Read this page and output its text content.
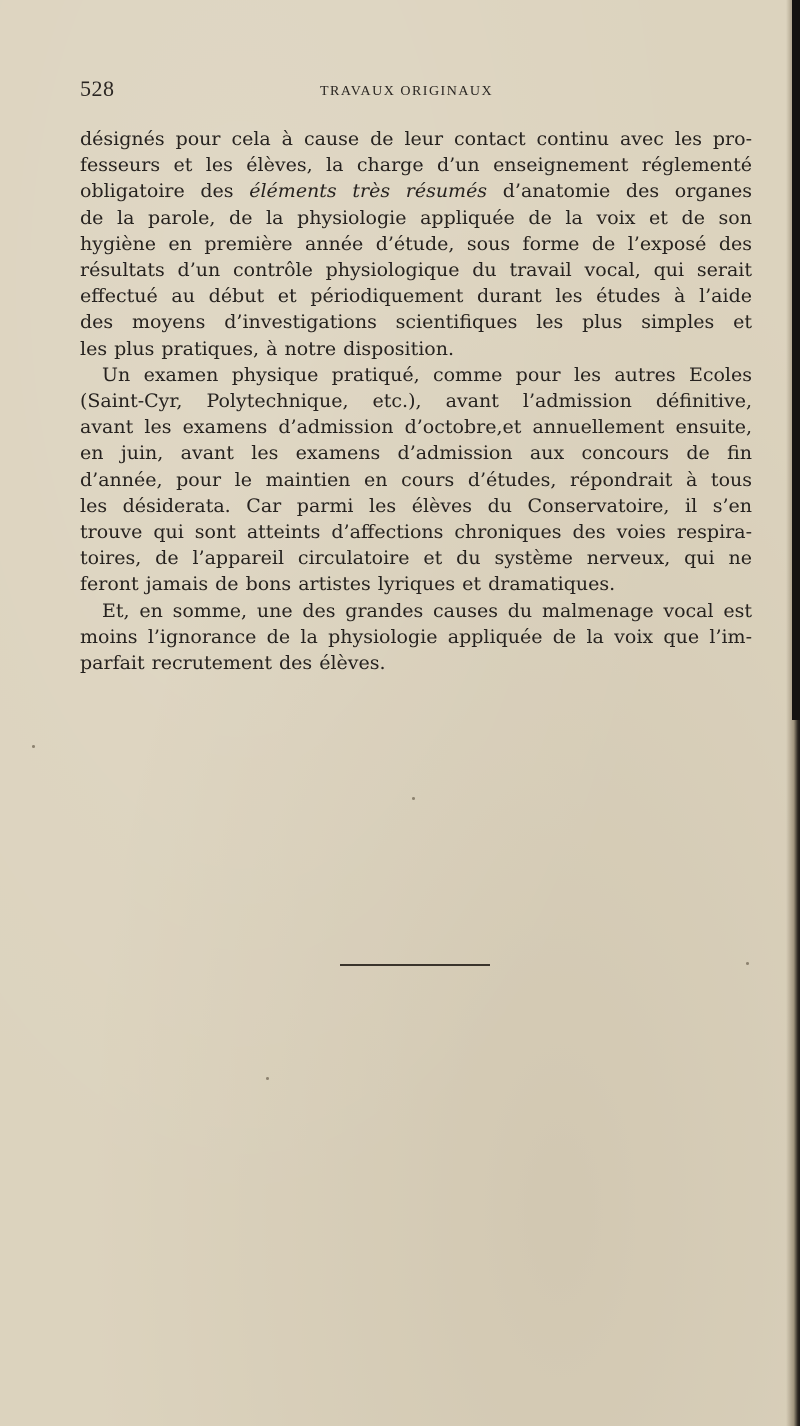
528	TRAVAUX ORIGINAUX
désignés pour cela à cause de leur contact continu avec les pro-
fesseurs et les élèves, la charge d’un enseignement réglementé
obligatoire des éléments très résumés d’anatomie des organes
de la parole, de la physiologie appliquée de la voix et de son
hygiène en première année d’étude, sous forme de l’exposé des
résultats d’un contrôle physiologique du travail vocal, qui serait
effectué au début et périodiquement durant les études à l’aide
des moyens d’investigations scientifiques les plus simples et
les plus pratiques, à notre disposition.
Un examen physique pratiqué, comme pour les autres Ecoles
(Saint-Cyr, Polytechnique, etc.), avant l’admission définitive,
avant les examens d’admission d’octobre,et annuellement ensuite,
en juin, avant les examens d’admission aux concours de fin
d’année, pour le maintien en cours d’études, répondrait à tous
les désiderata. Car parmi les élèves du Conservatoire, il s’en
trouve qui sont atteints d’affections chroniques des voies respira-
toires, de l’appareil circulatoire et du système nerveux, qui ne
feront jamais de bons artistes lyriques et dramatiques.
Et, en somme, une des grandes causes du malmenage vocal est
moins l’ignorance de la physiologie appliquée de la voix que l’im-
parfait recrutement des élèves.
